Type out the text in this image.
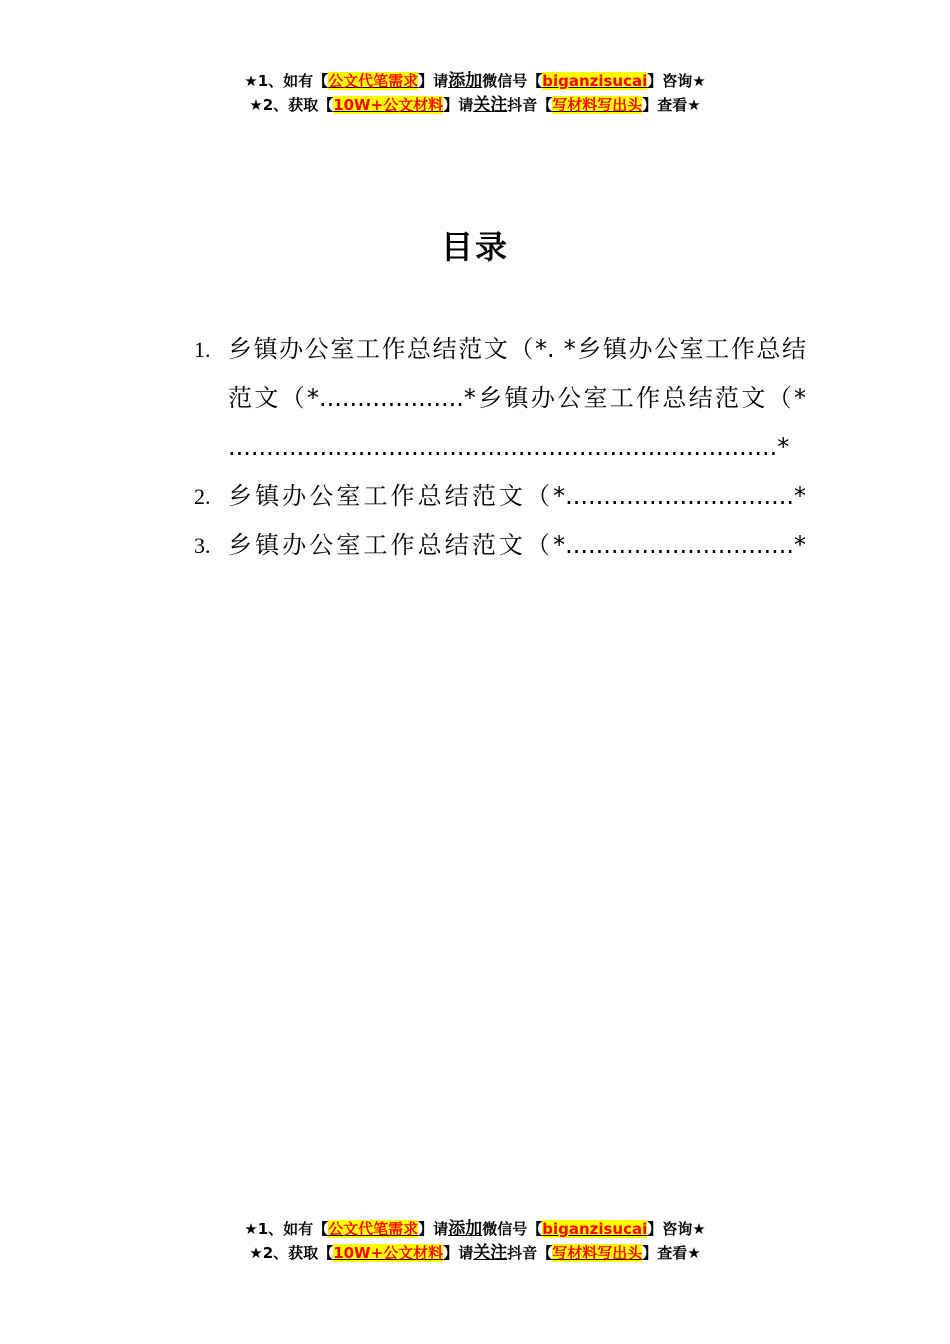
★1、如有【公文代笔需求】请添加微信号【biganzisucai】咨询★
★2、获取【10W+公文材料】请关注抖音【写材料写出头】查看★
目录
1. 乡镇办公室工作总结范文（*. *乡镇办公室工作总结
范文（*...................*乡镇办公室工作总结范文（*
........................................................................*
2. 乡镇办公室工作总结范文（*..............................*
3. 乡镇办公室工作总结范文（*..............................*
★1、如有【公文代笔需求】请添加微信号【biganzisucai】咨询★
★2、获取【10W+公文材料】请关注抖音【写材料写出头】查看★
